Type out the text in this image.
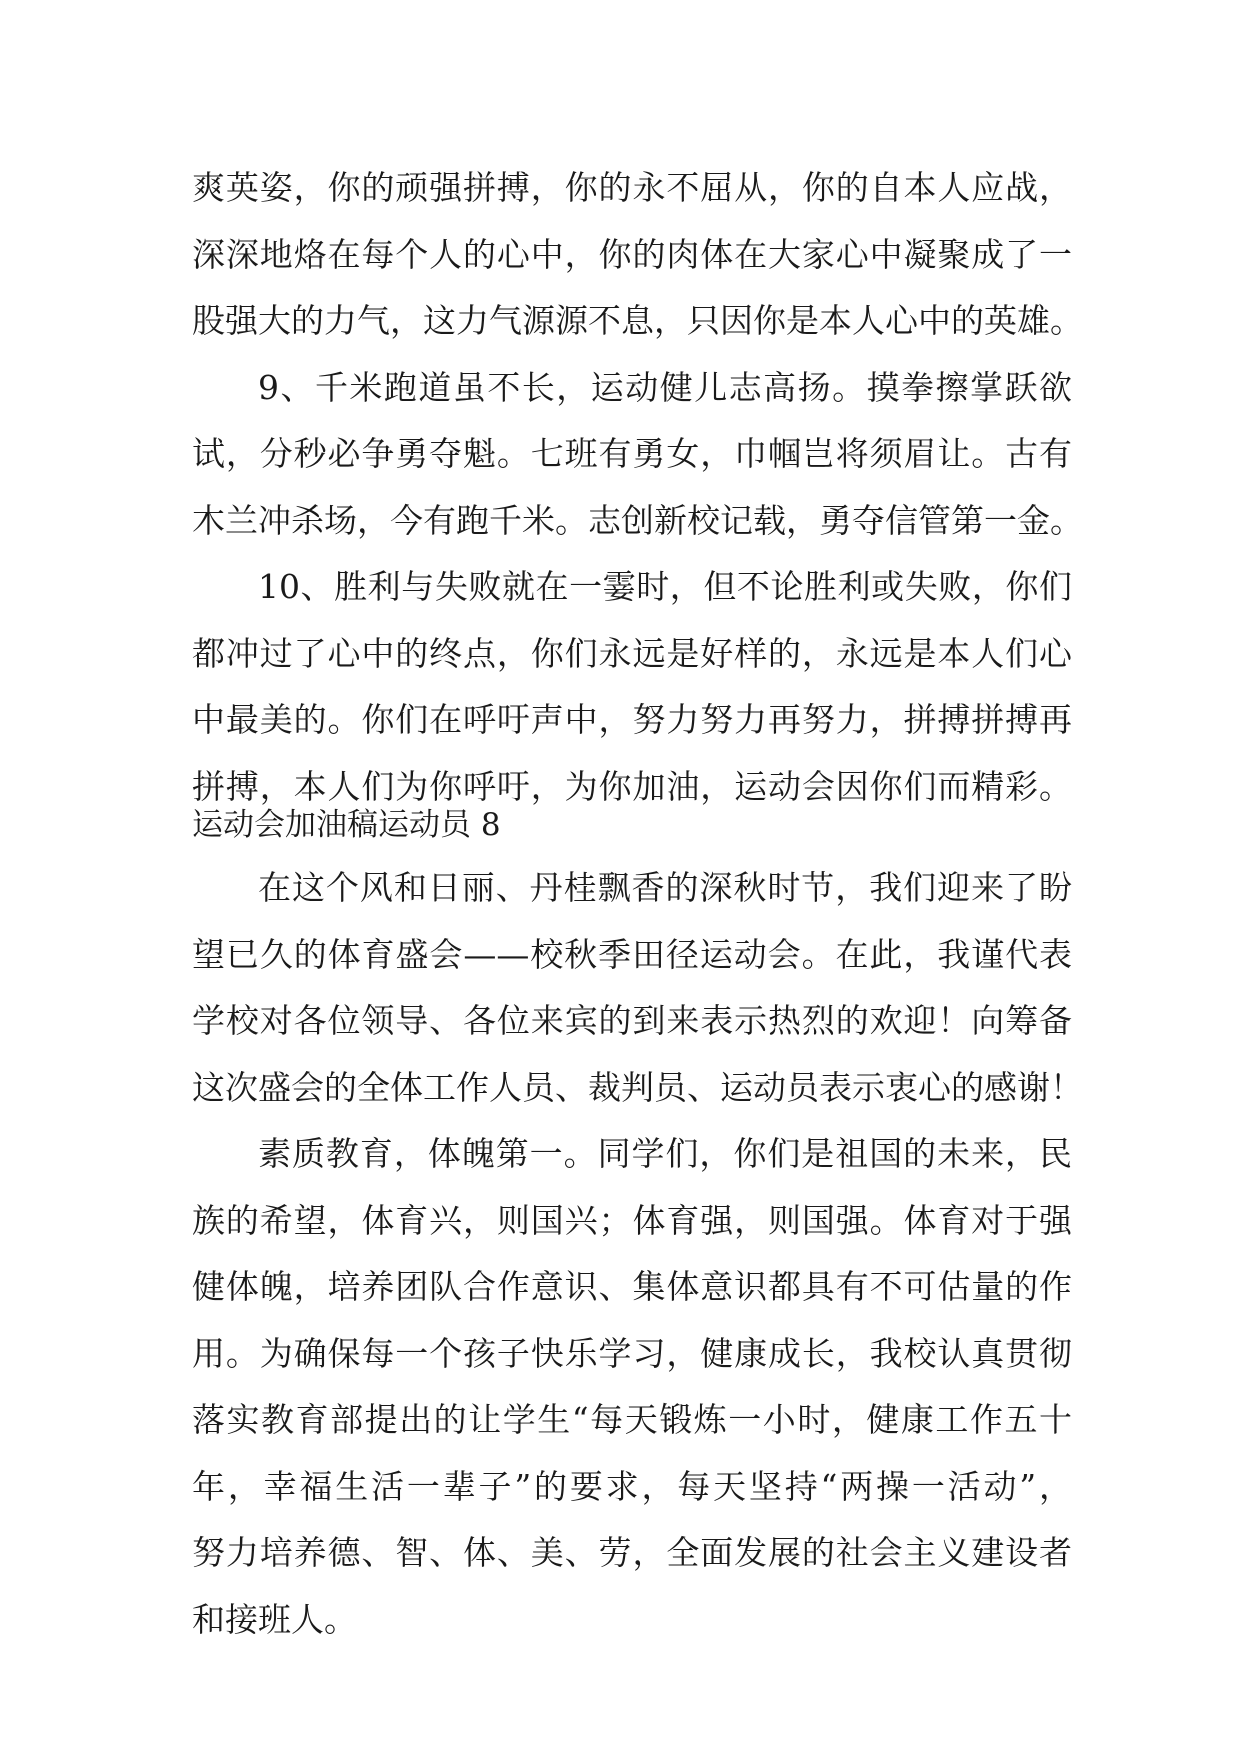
爽英姿，你的顽强拼搏，你的永不屈从，你的自本人应战，
深深地烙在每个人的心中，你的肉体在大家心中凝聚成了一
股强大的力气，这力气源源不息，只因你是本人心中的英雄。
9、千米跑道虽不长，运动健儿志高扬。摸拳擦掌跃欲
试，分秒必争勇夺魁。七班有勇女，巾帼岂将须眉让。古有
木兰冲杀场，今有跑千米。志创新校记载，勇夺信管第一金。
10、胜利与失败就在一霎时，但不论胜利或失败，你们
都冲过了心中的终点，你们永远是好样的，永远是本人们心
中最美的。你们在呼吁声中，努力努力再努力，拼搏拼搏再
拼搏，本人们为你呼吁，为你加油，运动会因你们而精彩。
运动会加油稿运动员 8
在这个风和日丽、丹桂飘香的深秋时节，我们迎来了盼
望已久的体育盛会——校秋季田径运动会。在此，我谨代表
学校对各位领导、各位来宾的到来表示热烈的欢迎！向筹备
这次盛会的全体工作人员、裁判员、运动员表示衷心的感谢！
素质教育，体魄第一。同学们，你们是祖国的未来，民
族的希望，体育兴，则国兴；体育强，则国强。体育对于强
健体魄，培养团队合作意识、集体意识都具有不可估量的作
用。为确保每一个孩子快乐学习，健康成长，我校认真贯彻
落实教育部提出的让学生“每天锻炼一小时，健康工作五十
年，幸福生活一辈子”的要求，每天坚持“两操一活动”，
努力培养德、智、体、美、劳，全面发展的社会主义建设者
和接班人。
